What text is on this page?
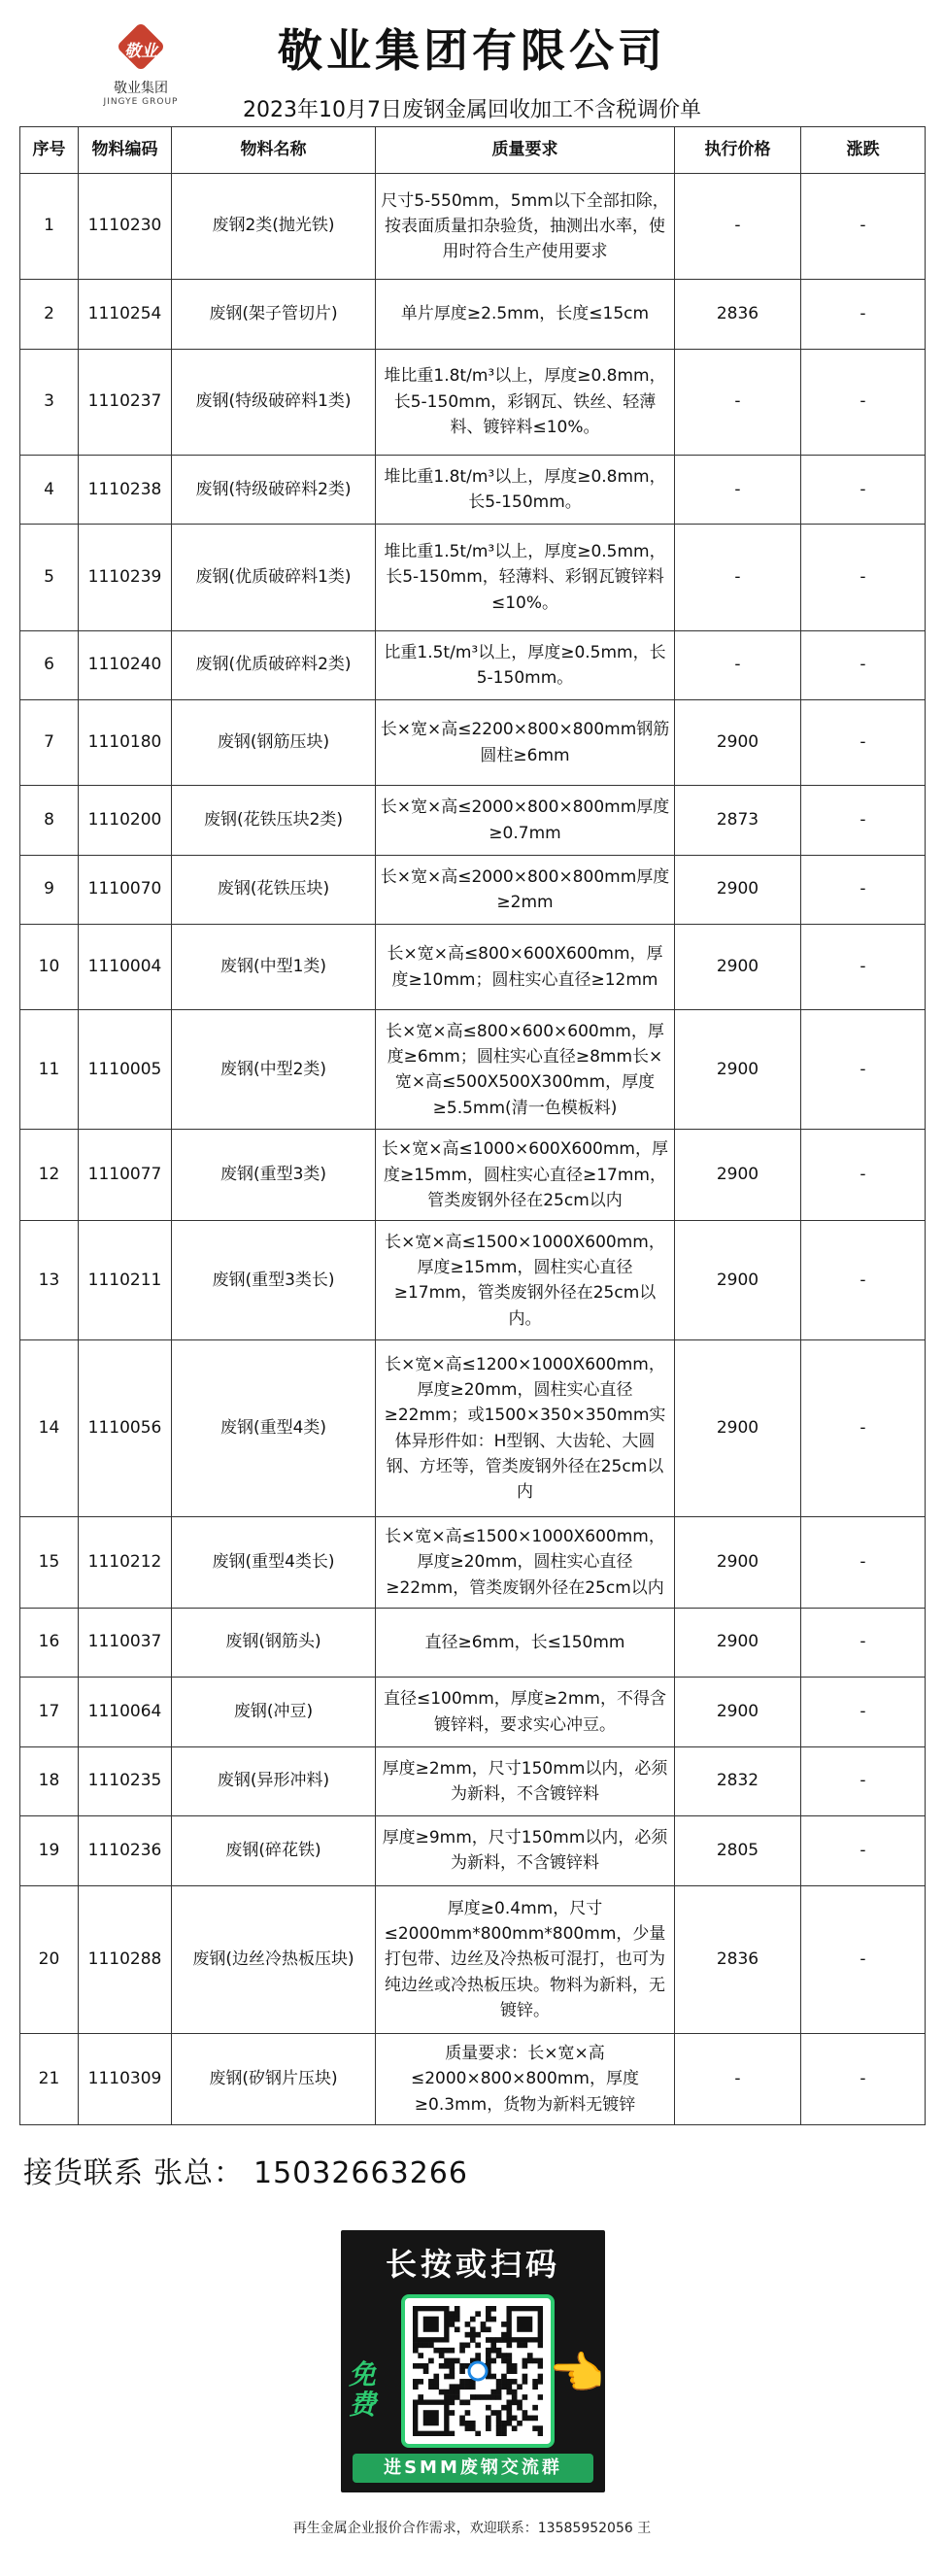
敬业
敬业集团
JINGYE GROUP
敬业集团有限公司
2023年10月7日废钢金属回收加工不含税调价单
序号	物料编码	物料名称	质量要求	执行价格	涨跌
1	1110230	废钢2类(抛光铁)	尺寸5-550mm，5mm以下全部扣除，按表面质量扣杂验货，抽测出水率，使用时符合生产使用要求	-	-
2	1110254	废钢(架子管切片)	单片厚度≥2.5mm，长度≤15cm	2836	-
3	1110237	废钢(特级破碎料1类)	堆比重1.8t/m³以上，厚度≥0.8mm，长5-150mm，彩钢瓦、铁丝、轻薄料、镀锌料≤10%。	-	-
4	1110238	废钢(特级破碎料2类)	堆比重1.8t/m³以上，厚度≥0.8mm，长5-150mm。	-	-
5	1110239	废钢(优质破碎料1类)	堆比重1.5t/m³以上，厚度≥0.5mm，长5-150mm，轻薄料、彩钢瓦镀锌料≤10%。	-	-
6	1110240	废钢(优质破碎料2类)	比重1.5t/m³以上，厚度≥0.5mm，长5-150mm。	-	-
7	1110180	废钢(钢筋压块)	长×宽×高≤2200×800×800mm钢筋圆柱≥6mm	2900	-
8	1110200	废钢(花铁压块2类)	长×宽×高≤2000×800×800mm厚度≥0.7mm	2873	-
9	1110070	废钢(花铁压块)	长×宽×高≤2000×800×800mm厚度≥2mm	2900	-
10	1110004	废钢(中型1类)	长×宽×高≤800×600X600mm，厚度≥10mm；圆柱实心直径≥12mm	2900	-
11	1110005	废钢(中型2类)	长×宽×高≤800×600×600mm，厚度≥6mm；圆柱实心直径≥8mm长×宽×高≤500X500X300mm，厚度≥5.5mm(清一色模板料)	2900	-
12	1110077	废钢(重型3类)	长×宽×高≤1000×600X600mm，厚度≥15mm，圆柱实心直径≥17mm，管类废钢外径在25cm以内	2900	-
13	1110211	废钢(重型3类长)	长×宽×高≤1500×1000X600mm，厚度≥15mm，圆柱实心直径≥17mm，管类废钢外径在25cm以内。	2900	-
14	1110056	废钢(重型4类)	长×宽×高≤1200×1000X600mm，厚度≥20mm，圆柱实心直径≥22mm；或1500×350×350mm实体异形件如：H型钢、大齿轮、大圆钢、方坯等，管类废钢外径在25cm以内	2900	-
15	1110212	废钢(重型4类长)	长×宽×高≤1500×1000X600mm，厚度≥20mm，圆柱实心直径≥22mm，管类废钢外径在25cm以内	2900	-
16	1110037	废钢(钢筋头)	直径≥6mm，长≤150mm	2900	-
17	1110064	废钢(冲豆)	直径≤100mm，厚度≥2mm，不得含镀锌料，要求实心冲豆。	2900	-
18	1110235	废钢(异形冲料)	厚度≥2mm，尺寸150mm以内，必须为新料，不含镀锌料	2832	-
19	1110236	废钢(碎花铁)	厚度≥9mm，尺寸150mm以内，必须为新料，不含镀锌料	2805	-
20	1110288	废钢(边丝冷热板压块)	厚度≥0.4mm，尺寸≤2000mm*800mm*800mm，少量打包带、边丝及冷热板可混打，也可为纯边丝或冷热板压块。物料为新料，无镀锌。	2836	-
21	1110309	废钢(矽钢片压块)	质量要求：长×宽×高≤2000×800×800mm，厚度≥0.3mm，货物为新料无镀锌	-	-
接货联系 张总： 15032663266
长按或扫码
免费
👈
进SMM废钢交流群
再生金属企业报价合作需求，欢迎联系：13585952056 王
